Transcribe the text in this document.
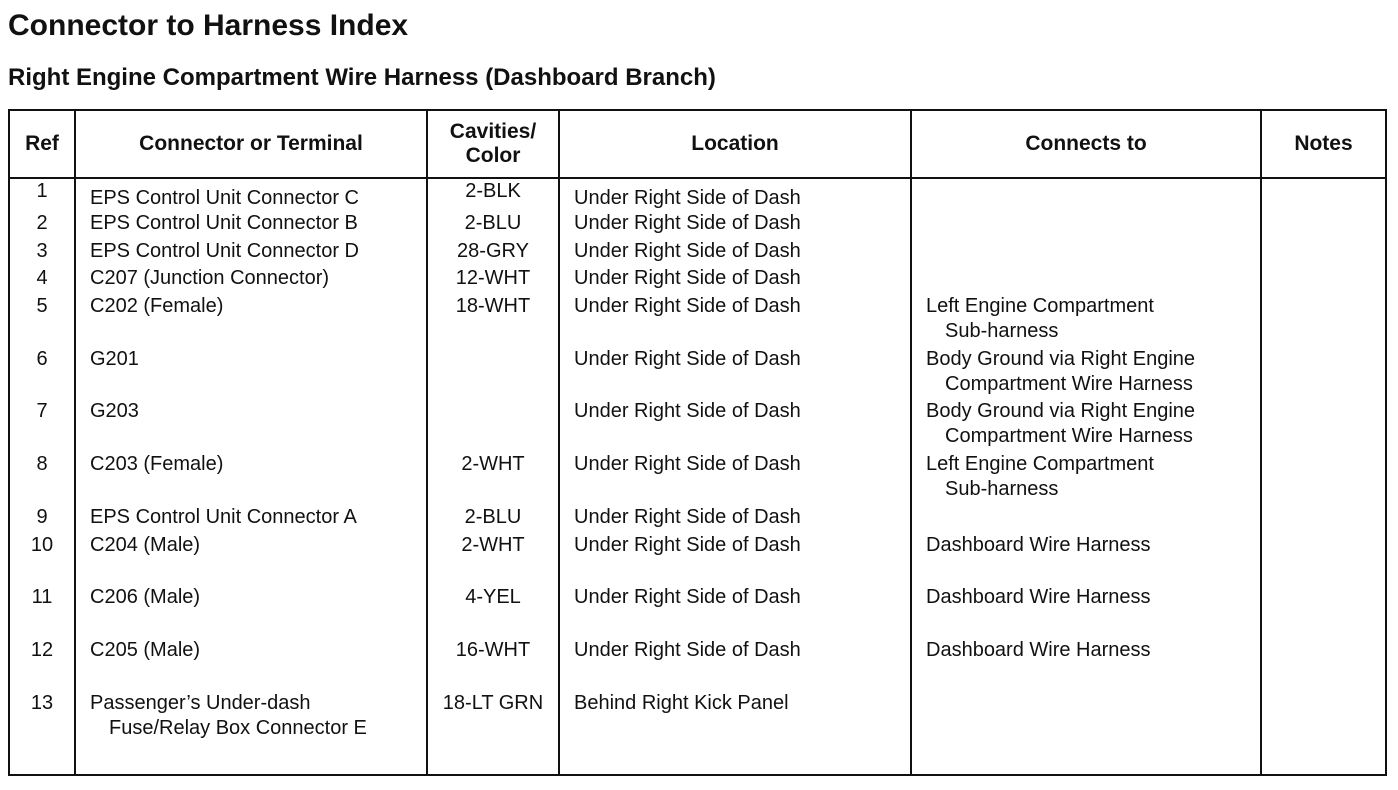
Connector to Harness Index
Right Engine Compartment Wire Harness (Dashboard Branch)
Ref	Connector or Terminal	Cavities/
Color	Location	Connects to	Notes
1	EPS Control Unit Connector C	2-BLK	Under Right Side of Dash		
2	EPS Control Unit Connector B	2-BLU	Under Right Side of Dash		
3	EPS Control Unit Connector D	28-GRY	Under Right Side of Dash		
4	C207 (Junction Connector)	12-WHT	Under Right Side of Dash		
5	C202 (Female)	18-WHT	Under Right Side of Dash	Left Engine Compartment
Sub-harness	

6	G201		Under Right Side of Dash	Body Ground via Right Engine
Compartment Wire Harness	

7	G203		Under Right Side of Dash	Body Ground via Right Engine
Compartment Wire Harness	

8	C203 (Female)	2-WHT	Under Right Side of Dash	Left Engine Compartment
Sub-harness	

9	EPS Control Unit Connector A	2-BLU	Under Right Side of Dash		
10	C204 (Male)	2-WHT	Under Right Side of Dash	Dashboard Wire Harness	
11	C206 (Male)	4-YEL	Under Right Side of Dash	Dashboard Wire Harness	
12	C205 (Male)	16-WHT	Under Right Side of Dash	Dashboard Wire Harness	
13	Passenger’s Under-dash
Fuse/Relay Box Connector E	18-LT GRN	Behind Right Kick Panel		
